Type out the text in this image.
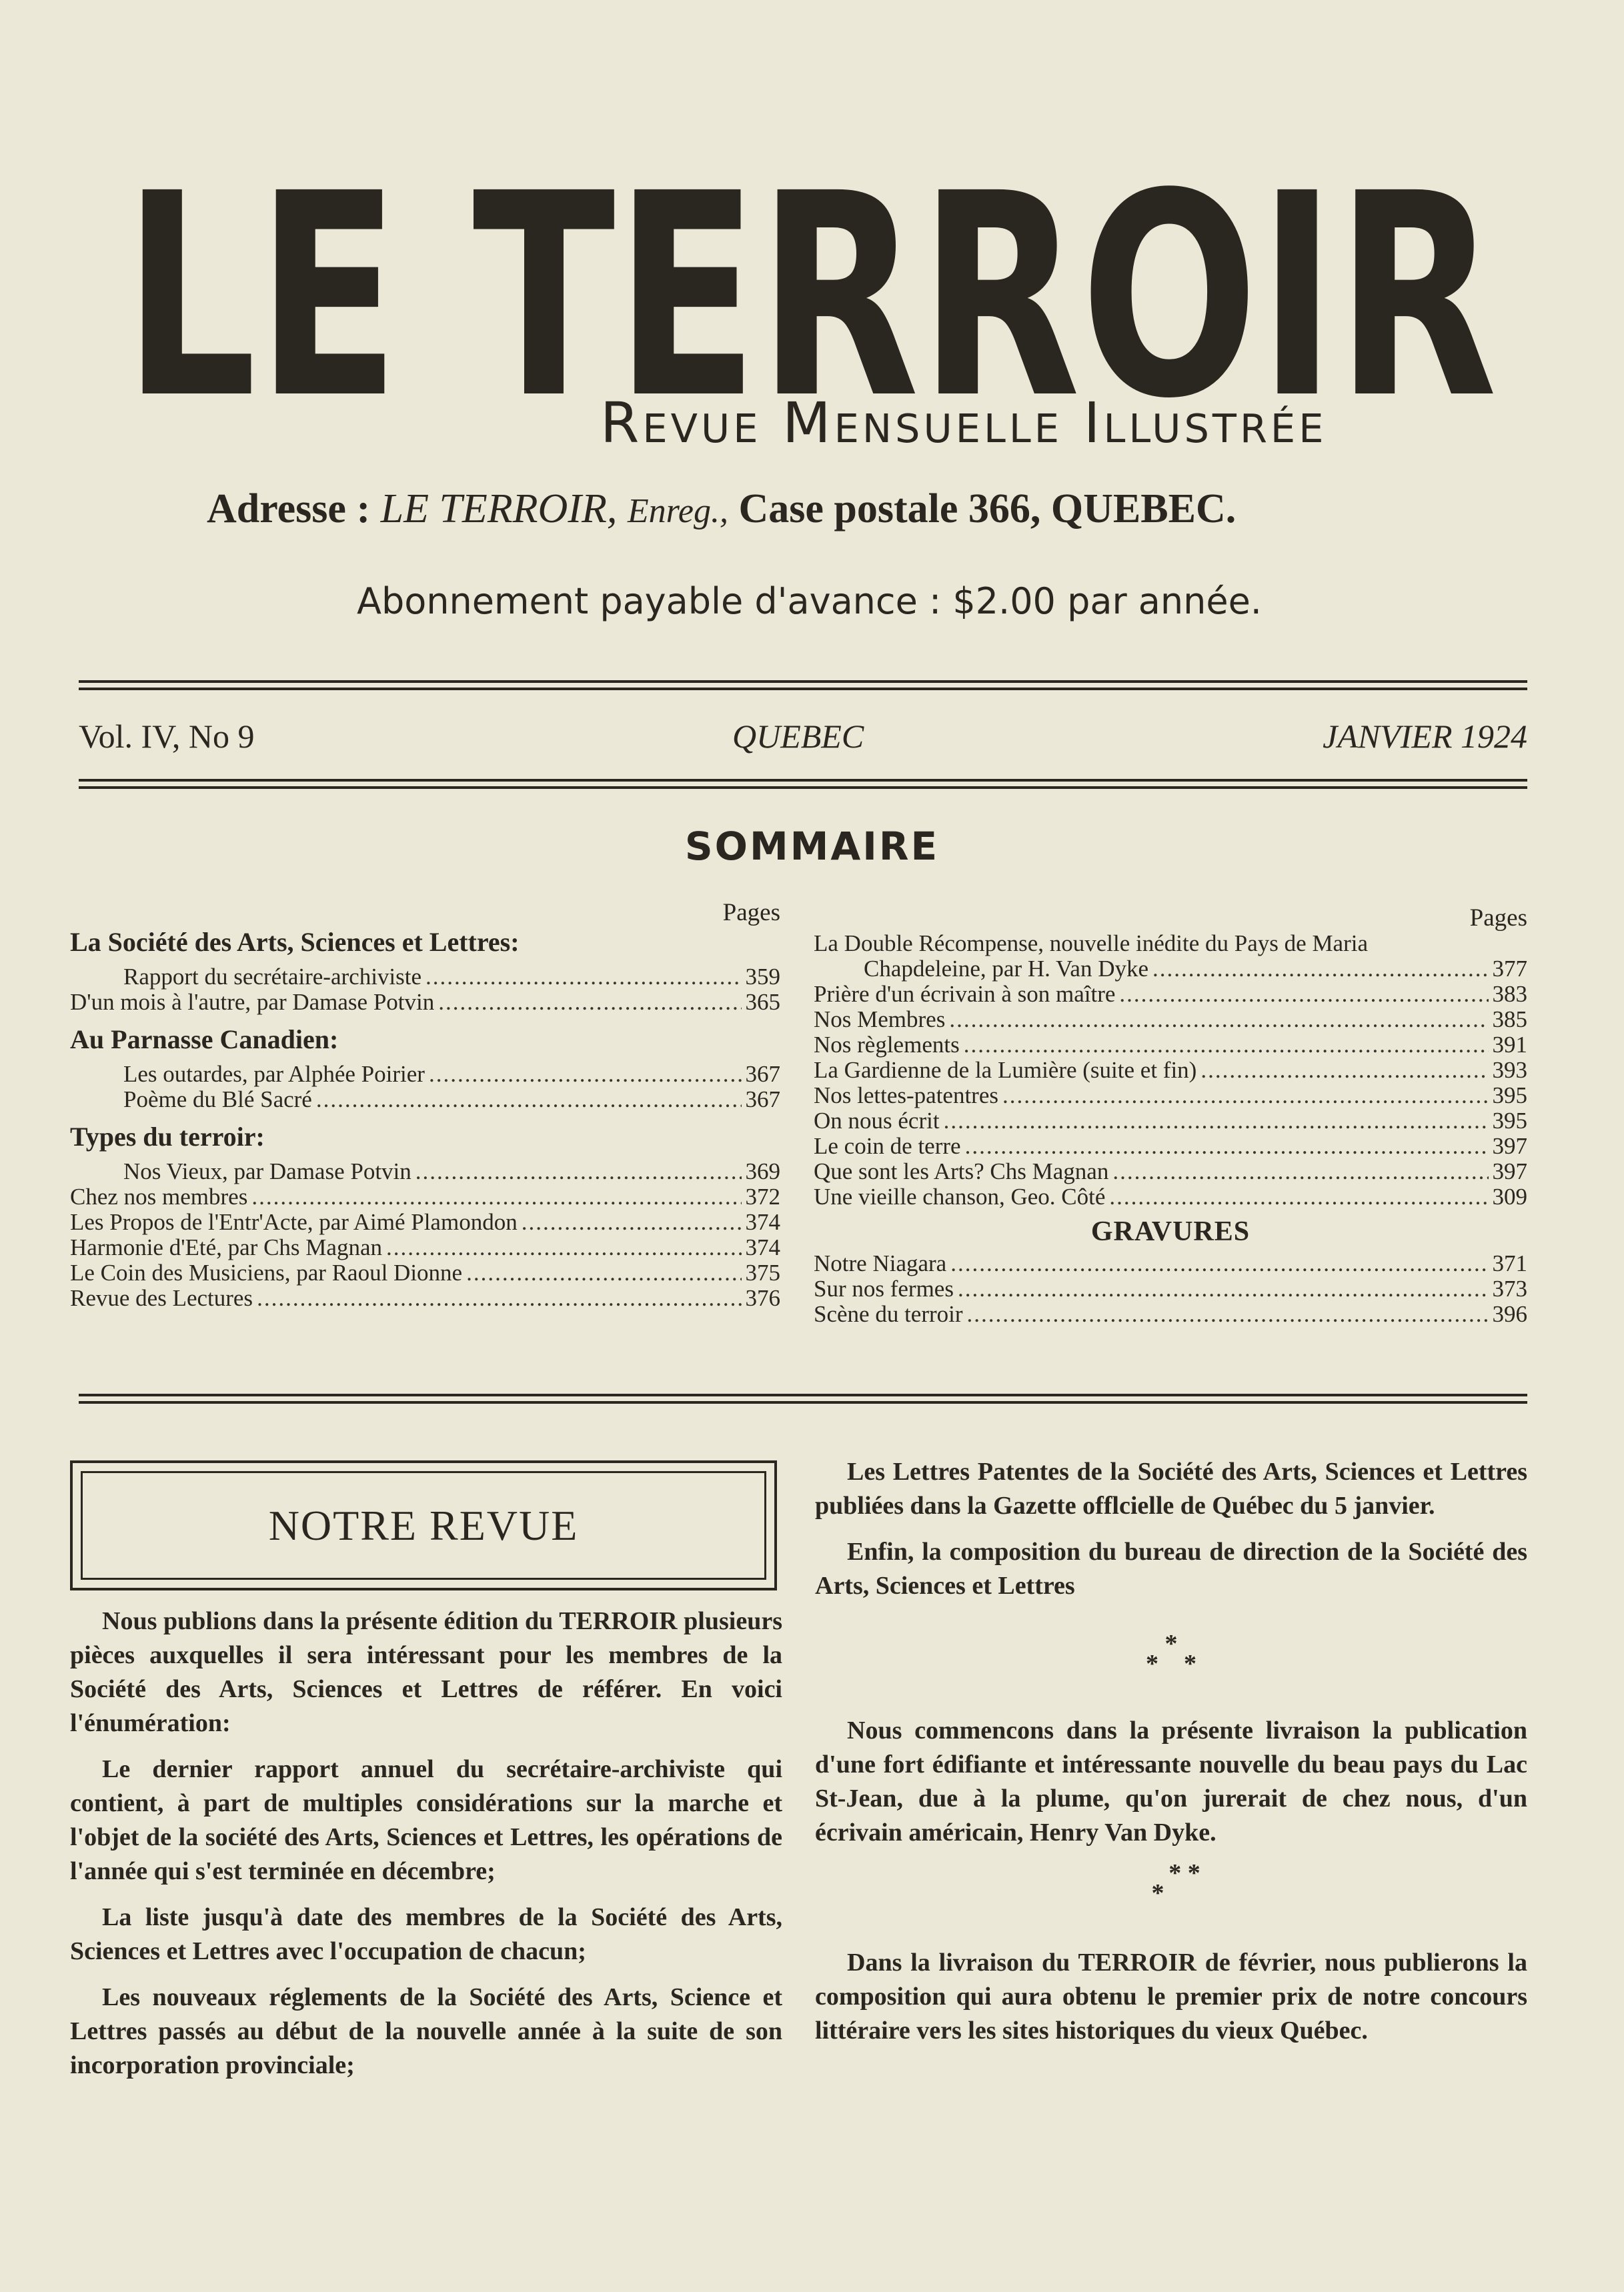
LE TERROIR
Revue Mensuelle Illustrée
Adresse : LE TERROIR, Enreg., Case postale 366, QUEBEC.
Abonnement payable d'avance : $2.00 par année.
Vol. IV, No 9	QUEBEC	JANVIER 1924
SOMMAIRE
Pages
La Société des Arts, Sciences et Lettres:
Rapport du secrétaire-archiviste .....	359
D'un mois à l'autre, par Damase Potvin .....	365
Au Parnasse Canadien:
Les outardes, par Alphée Poirier .....	367
Poème du Blé Sacré .....	367
Types du terroir:
Nos Vieux, par Damase Potvin .....	369
Chez nos membres .....	372
Les Propos de l'Entr'Acte, par Aimé Plamondon .....	374
Harmonie d'Eté, par Chs Magnan .....	374
Le Coin des Musiciens, par Raoul Dionne .....	375
Revue des Lectures .....	376
Pages
La Double Récompense, nouvelle inédite du Pays de Maria
Chapdeleine, par H. Van Dyke .....	377
Prière d'un écrivain à son maître .....	383
Nos Membres .....	385
Nos règlements .....	391
La Gardienne de la Lumière (suite et fin) .....	393
Nos lettes-patentres .....	395
On nous écrit .....	395
Le coin de terre .....	397
Que sont les Arts? Chs Magnan .....	397
Une vieille chanson, Geo. Côté .....	309
GRAVURES
Notre Niagara .....	371
Sur nos fermes .....	373
Scène du terroir .....	396
NOTRE REVUE

Nous publions dans la présente édition du TERROIR plusieurs pièces auxquelles il sera intéressant pour les membres de la Société des Arts, Sciences et Lettres de référer. En voici l'énumération:

Le dernier rapport annuel du secrétaire-archiviste qui contient, à part de multiples considérations sur la marche et l'objet de la société des Arts, Sciences et Lettres, les opérations de l'année qui s'est terminée en décembre;

La liste jusqu'à date des membres de la Société des Arts, Sciences et Lettres avec l'occupation de chacun;

Les nouveaux réglements de la Société des Arts, Science et Lettres passés au début de la nouvelle année à la suite de son incorporation provinciale;

Les Lettres Patentes de la Société des Arts, Sciences et Lettres publiées dans la Gazette offlcielle de Québec du 5 janvier.

Enfin, la composition du bureau de direction de la Société des Arts, Sciences et Lettres

*
* *

Nous commencons dans la présente livraison la publication d'une fort édifiante et intéressante nouvelle du beau pays du Lac St-Jean, due à la plume, qu'on jurerait de chez nous, d'un écrivain américain, Henry Van Dyke.

* *
*

Dans la livraison du TERROIR de février, nous publierons la composition qui aura obtenu le premier prix de notre concours littéraire vers les sites historiques du vieux Québec.
